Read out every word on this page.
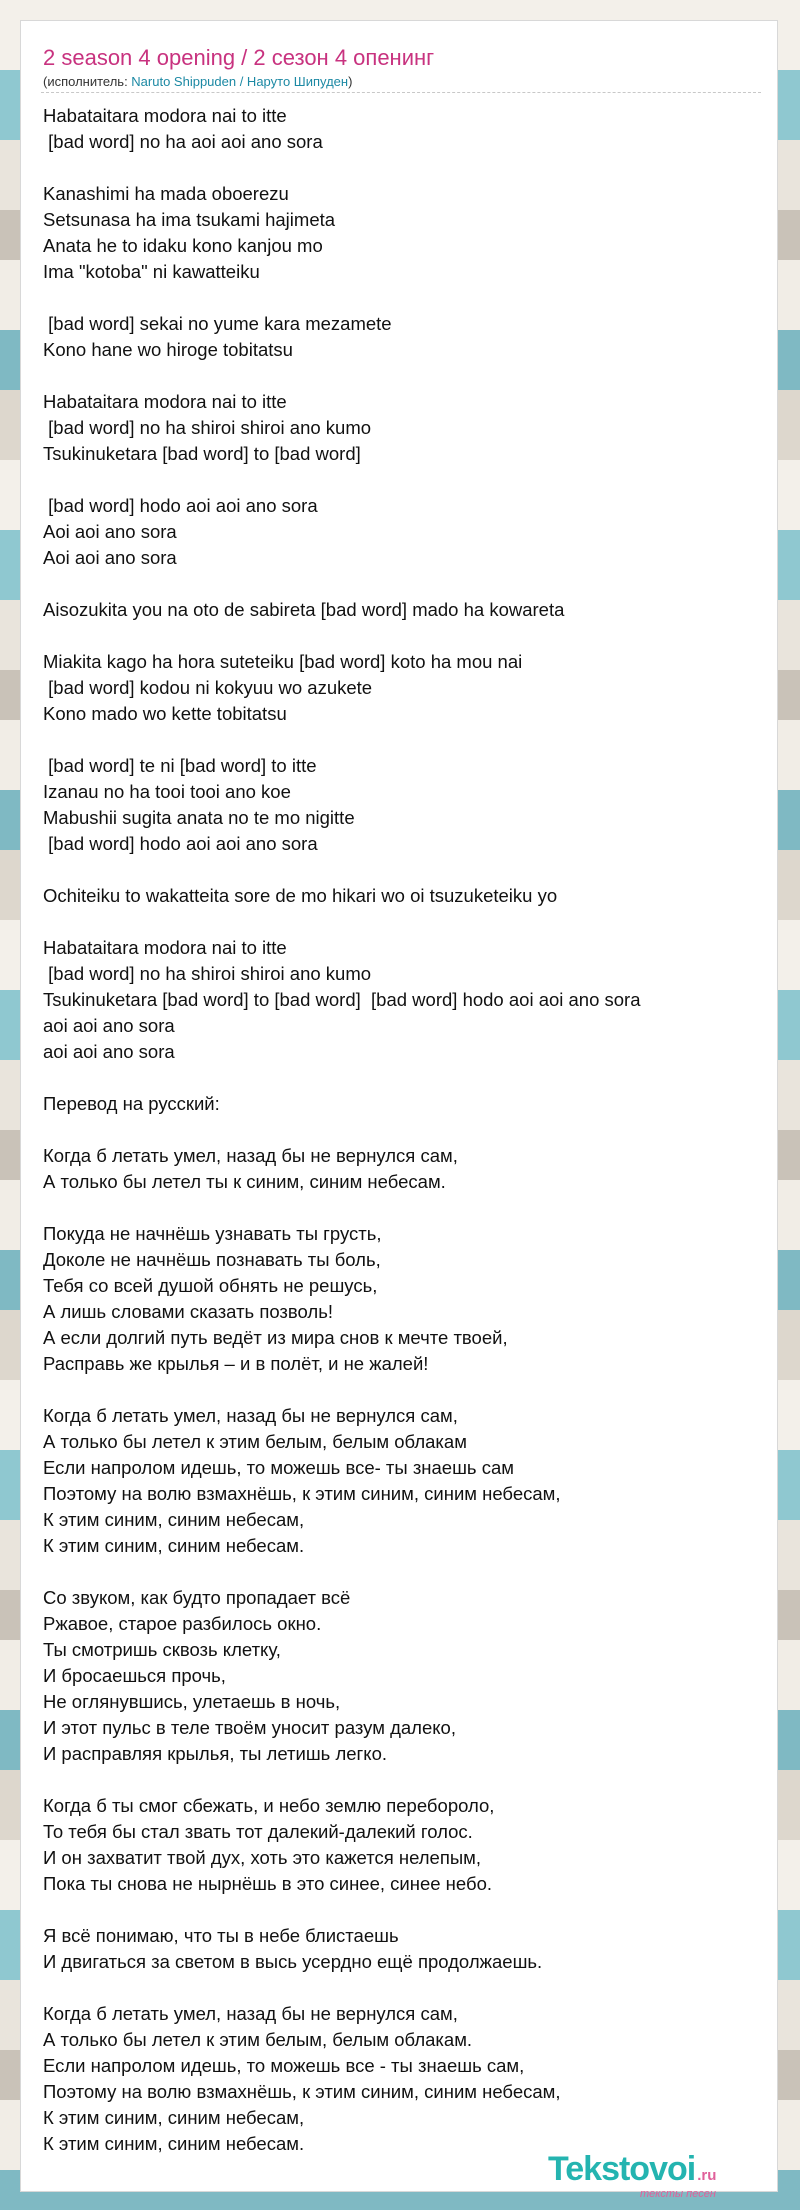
2 season 4 opening / 2 сезон 4 опенинг
(исполнитель: Naruto Shippuden / Наруто Шипуден)
Habataitara modora nai to itte
[bad word] no ha aoi aoi ano sora

Kanashimi ha mada oboerezu
Setsunasa ha ima tsukami hajimeta
Anata he to idaku kono kanjou mo
Ima "kotoba" ni kawatteiku

[bad word] sekai no yume kara mezamete
Kono hane wo hiroge tobitatsu

Habataitara modora nai to itte
[bad word] no ha shiroi shiroi ano kumo
Tsukinuketara [bad word] to [bad word]

[bad word] hodo aoi aoi ano sora
Aoi aoi ano sora
Aoi aoi ano sora

Aisozukita you na oto de sabireta [bad word] mado ha kowareta

Miakita kago ha hora suteteiku [bad word] koto ha mou nai
[bad word] kodou ni kokyuu wo azukete
Kono mado wo kette tobitatsu

[bad word] te ni [bad word] to itte
Izanau no ha tooi tooi ano koe
Mabushii sugita anata no te mo nigitte
[bad word] hodo aoi aoi ano sora

Ochiteiku to wakatteita sore de mo hikari wo oi tsuzuketeiku yo

Habataitara modora nai to itte
[bad word] no ha shiroi shiroi ano kumo
Tsukinuketara [bad word] to [bad word]  [bad word] hodo aoi aoi ano sora
aoi aoi ano sora
aoi aoi ano sora

Перевод на русский:

Когда б летать умел, назад бы не вернулся сам,
А только бы летел ты к синим, синим небесам.

Покуда не начнёшь узнавать ты грусть,
Доколе не начнёшь познавать ты боль,
Тебя со всей душой обнять не решусь,
А лишь словами сказать позволь!
А если долгий путь ведёт из мира снов к мечте твоей,
Расправь же крылья – и в полёт, и не жалей!

Когда б летать умел, назад бы не вернулся сам,
А только бы летел к этим белым, белым облакам
Если напролом идешь, то можешь все- ты знаешь сам
Поэтому на волю взмахнёшь, к этим синим, синим небесам,
К этим синим, синим небесам,
К этим синим, синим небесам.

Со звуком, как будто пропадает всё
Ржавое, старое разбилось окно.
Ты смотришь сквозь клетку,
И бросаешься прочь,
Не оглянувшись, улетаешь в ночь,
И этот пульс в теле твоём уносит разум далеко,
И расправляя крылья, ты летишь легко.

Когда б ты смог сбежать, и небо землю перебороло,
То тебя бы стал звать тот далекий-далекий голос.
И он захватит твой дух, хоть это кажется нелепым,
Пока ты снова не нырнёшь в это синее, синее небо.

Я всё понимаю, что ты в небе блистаешь
И двигаться за светом в высь усердно ещё продолжаешь.

Когда б летать умел, назад бы не вернулся сам,
А только бы летел к этим белым, белым облакам.
Если напролом идешь, то можешь все - ты знаешь сам,
Поэтому на волю взмахнёшь, к этим синим, синим небесам,
К этим синим, синим небесам,
К этим синим, синим небесам.
Tekstovoi .ru
тексты песен
